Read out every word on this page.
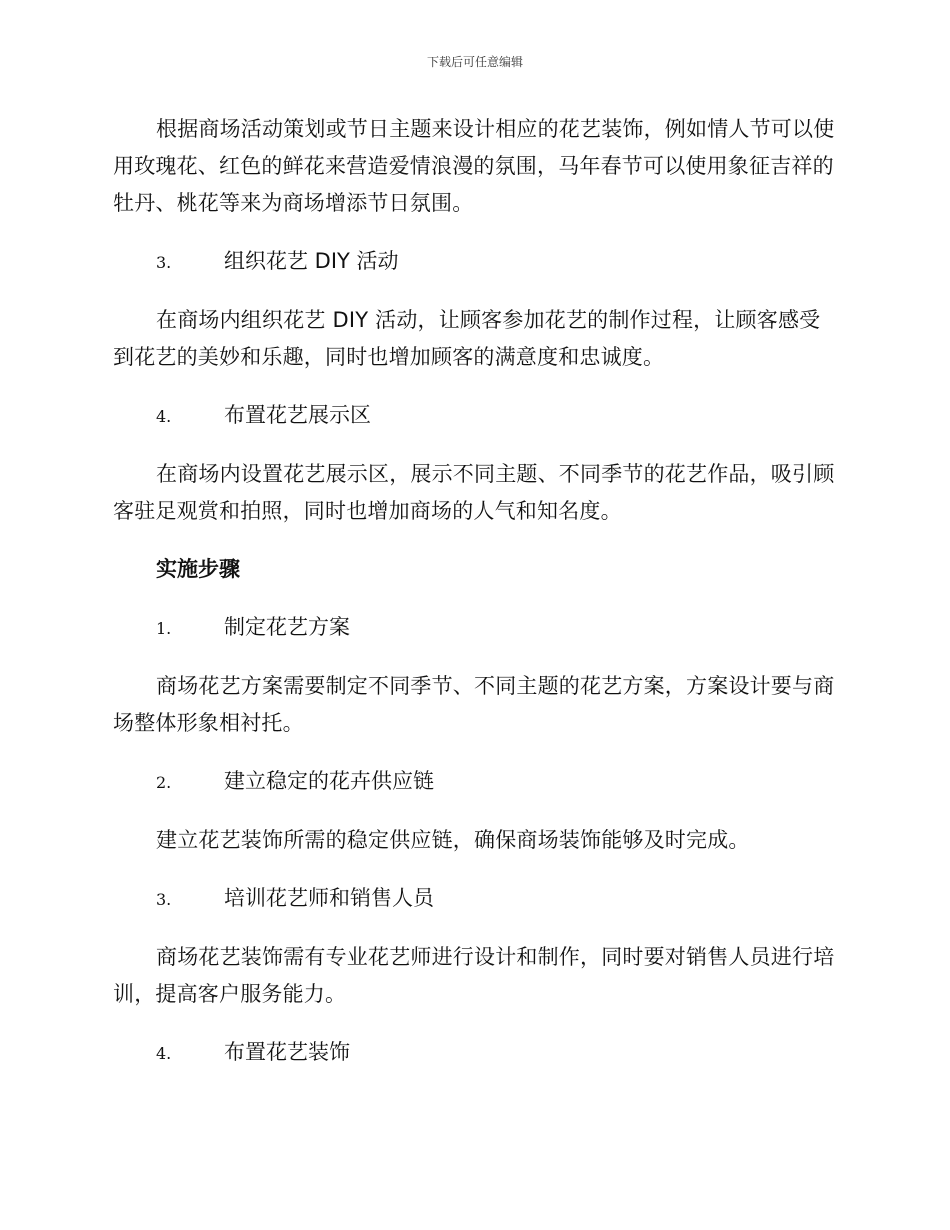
下载后可任意编辑

根据商场活动策划或节日主题来设计相应的花艺装饰，例如情人节可以使用玫瑰花、红色的鲜花来营造爱情浪漫的氛围，马年春节可以使用象征吉祥的牡丹、桃花等来为商场增添节日氛围。

3.	组织花艺 DIY 活动

在商场内组织花艺 DIY 活动，让顾客参加花艺的制作过程，让顾客感受到花艺的美妙和乐趣，同时也增加顾客的满意度和忠诚度。

4.	布置花艺展示区

在商场内设置花艺展示区，展示不同主题、不同季节的花艺作品，吸引顾客驻足观赏和拍照，同时也增加商场的人气和知名度。

实施步骤
1.	制定花艺方案

商场花艺方案需要制定不同季节、不同主题的花艺方案，方案设计要与商场整体形象相衬托。

2.	建立稳定的花卉供应链

建立花艺装饰所需的稳定供应链，确保商场装饰能够及时完成。

3.	培训花艺师和销售人员

商场花艺装饰需有专业花艺师进行设计和制作，同时要对销售人员进行培训，提高客户服务能力。

4.	布置花艺装饰
